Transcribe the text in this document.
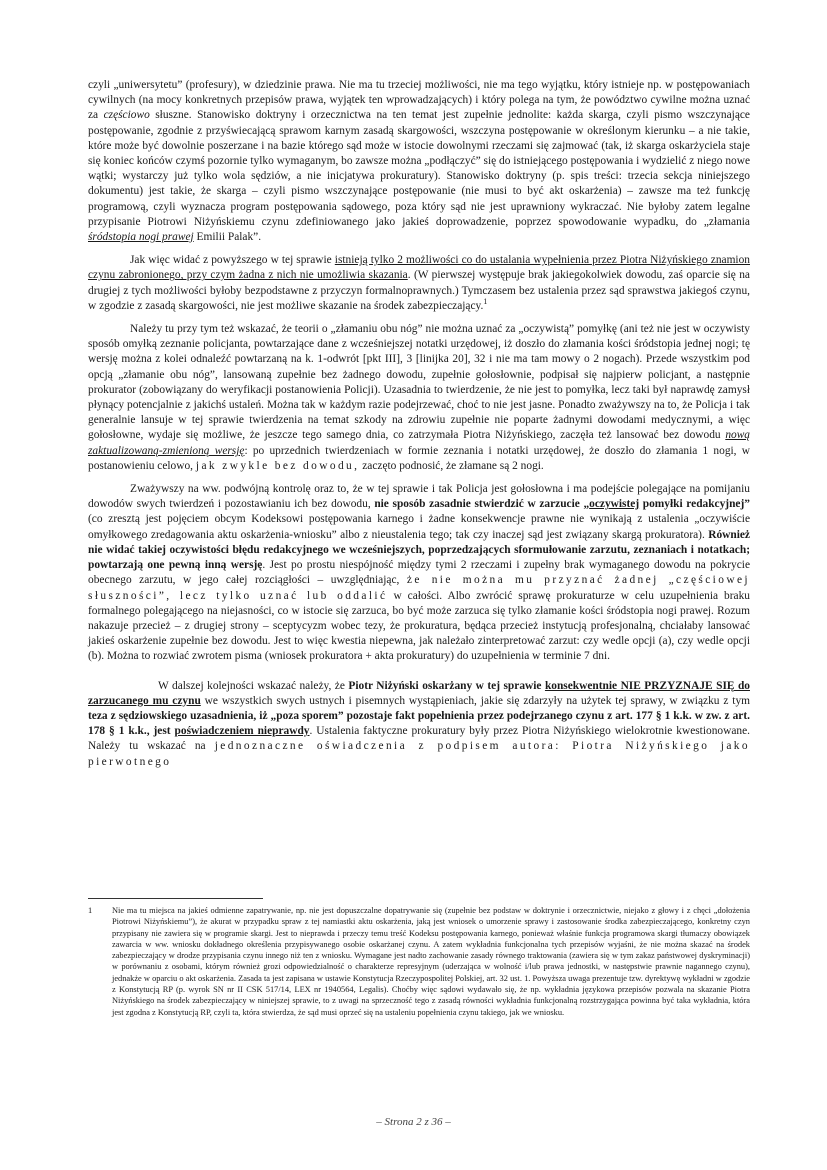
czyli „uniwersytetu” (profesury), w dziedzinie prawa. Nie ma tu trzeciej możliwości, nie ma tego wyjątku, który istnieje np. w postępowaniach cywilnych (na mocy konkretnych przepisów prawa, wyjątek ten wprowadzających) i który polega na tym, że powództwo cywilne można uznać za częściowo słuszne. Stanowisko doktryny i orzecznictwa na ten temat jest zupełnie jednolite: każda skarga, czyli pismo wszczynające postępowanie, zgodnie z przyświecającą sprawom karnym zasadą skargowości, wszczyna postępowanie w określonym kierunku – a nie takie, które może być dowolnie poszerzane i na bazie którego sąd może w istocie dowolnymi rzeczami się zajmować (tak, iż skarga oskarżyciela staje się koniec końców czymś pozornie tylko wymaganym, bo zawsze można „podłączyć” się do istniejącego postępowania i wydzielić z niego nowe wątki; wystarczy już tylko wola sędziów, a nie inicjatywa prokuratury). Stanowisko doktryny (p. spis treści: trzecia sekcja niniejszego dokumentu) jest takie, że skarga – czyli pismo wszczynające postępowanie (nie musi to być akt oskarżenia) – zawsze ma też funkcję programową, czyli wyznacza program postępowania sądowego, poza który sąd nie jest uprawniony wykraczać. Nie byłoby zatem legalne przypisanie Piotrowi Niżyńskiemu czynu zdefiniowanego jako jakieś doprowadzenie, poprzez spowodowanie wypadku, do „złamania śródstopia nogi prawej Emilii Palak”.

Jak więc widać z powyższego w tej sprawie istnieją tylko 2 możliwości co do ustalania wypełnienia przez Piotra Niżyńskiego znamion czynu zabronionego, przy czym żadna z nich nie umożliwia skazania. (W pierwszej występuje brak jakiegokolwiek dowodu, zaś oparcie się na drugiej z tych możliwości byłoby bezpodstawne z przyczyn formalnoprawnych.) Tymczasem bez ustalenia przez sąd sprawstwa jakiegoś czynu, w zgodzie z zasadą skargowości, nie jest możliwe skazanie na środek zabezpieczający.$^1$

Należy tu przy tym też wskazać, że teorii o „złamaniu obu nóg” nie można uznać za „oczywistą” pomyłkę (ani też nie jest w oczywisty sposób omyłką zeznanie policjanta, powtarzające dane z wcześniejszej notatki urzędowej, iż doszło do złamania kości śródstopia jednej nogi; tę wersję można z kolei odnaleźć powtarzaną na k. 1-odwrót [pkt III], 3 [linijka 20], 32 i nie ma tam mowy o 2 nogach). Przede wszystkim pod opcją „złamanie obu nóg”, lansowaną zupełnie bez żadnego dowodu, zupełnie gołosłownie, podpisał się najpierw policjant, a następnie prokurator (zobowiązany do weryfikacji postanowienia Policji). Uzasadnia to twierdzenie, że nie jest to pomyłka, lecz taki był naprawdę zamysł płynący potencjalnie z jakichś ustaleń. Można tak w każdym razie podejrzewać, choć to nie jest jasne. Ponadto zważywszy na to, że Policja i tak generalnie lansuje w tej sprawie twierdzenia na temat szkody na zdrowiu zupełnie nie poparte żadnymi dowodami medycznymi, a więc gołosłowne, wydaje się możliwe, że jeszcze tego samego dnia, co zatrzymała Piotra Niżyńskiego, zaczęła też lansować bez dowodu nową zaktualizowaną-zmienioną wersję: po uprzednich twierdzeniach w formie zeznania i notatki urzędowej, że doszło do złamania 1 nogi, w postanowieniu celowo, jak zwykle bez dowodu, zaczęto podnosić, że złamane są 2 nogi.

Zważywszy na ww. podwójną kontrolę oraz to, że w tej sprawie i tak Policja jest gołosłowna i ma podejście polegające na pomijaniu dowodów swych twierdzeń i pozostawianiu ich bez dowodu, nie sposób zasadnie stwierdzić w zarzucie „oczywistej pomyłki redakcyjnej” (co zresztą jest pojęciem obcym Kodeksowi postępowania karnego i żadne konsekwencje prawne nie wynikają z ustalenia „oczywiście omyłkowego zredagowania aktu oskarżenia-wniosku” albo z nieustalenia tego; tak czy inaczej sąd jest związany skargą prokuratora). Również nie widać takiej oczywistości błędu redakcyjnego we wcześniejszych, poprzedzających sformułowanie zarzutu, zeznaniach i notatkach; powtarzają one pewną inną wersję. Jest po prostu niespójność między tymi 2 rzeczami i zupełny brak wymaganego dowodu na pokrycie obecnego zarzutu, w jego całej rozciągłości – uwzględniając, że nie można mu przyznać żadnej „częściowej słuszności”, lecz tylko uznać lub oddalić w całości. Albo zwrócić sprawę prokuraturze w celu uzupełnienia braku formalnego polegającego na niejasności, co w istocie się zarzuca, bo być może zarzuca się tylko złamanie kości śródstopia nogi prawej. Rozum nakazuje przecież – z drugiej strony – sceptycyzm wobec tezy, że prokuratura, będąca przecież instytucją profesjonalną, chciałaby lansować jakieś oskarżenie zupełnie bez dowodu. Jest to więc kwestia niepewna, jak należało zinterpretować zarzut: czy wedle opcji (a), czy wedle opcji (b). Można to rozwiać zwrotem pisma (wniosek prokuratora + akta prokuratury) do uzupełnienia w terminie 7 dni.

W dalszej kolejności wskazać należy, że Piotr Niżyński oskarżany w tej sprawie konsekwentnie NIE PRZYZNAJE SIĘ do zarzucanego mu czynu we wszystkich swych ustnych i pisemnych wystąpieniach, jakie się zdarzyły na użytek tej sprawy, w związku z tym teza z sędziowskiego uzasadnienia, iż „poza sporem” pozostaje fakt popełnienia przez podejrzanego czynu z art. 177 § 1 k.k. w zw. z art. 178 § 1 k.k., jest poświadczeniem nieprawdy. Ustalenia faktyczne prokuratury były przez Piotra Niżyńskiego wielokrotnie kwestionowane. Należy tu wskazać na jednoznaczne oświadczenia z podpisem autora: Piotra Niżyńskiego jako pierwotnego

1	Nie ma tu miejsca na jakieś odmienne zapatrywanie, np. nie jest dopuszczalne dopatrywanie się (zupełnie bez podstaw w doktrynie i orzecznictwie, niejako z głowy i z chęci „dołożenia Piotrowi Niżyńskiemu”), że akurat w przypadku spraw z tej namiastki aktu oskarżenia, jaką jest wniosek o umorzenie sprawy i zastosowanie środka zabezpieczającego, konkretny czyn przypisany nie zawiera się w programie skargi. Jest to nieprawda i przeczy temu treść Kodeksu postępowania karnego, ponieważ właśnie funkcja programowa skargi tłumaczy obowiązek zawarcia w ww. wniosku dokładnego określenia przypisywanego osobie oskarżanej czynu. A zatem wykładnia funkcjonalna tych przepisów wyjaśni, że nie można skazać na środek zabezpieczający w drodze przypisania czynu innego niż ten z wniosku. Wymagane jest nadto zachowanie zasady równego traktowania (zawiera się w tym zakaz państwowej dyskryminacji) w porównaniu z osobami, którym również grozi odpowiedzialność o charakterze represyjnym (uderzająca w wolność i/lub prawa jednostki, w następstwie prawnie nagannego czynu), jednakże w oparciu o akt oskarżenia. Zasada ta jest zapisana w ustawie Konstytucja Rzeczypospolitej Polskiej, art. 32 ust. 1. Powyższa uwaga prezentuje tzw. dyrektywę wykładni w zgodzie z Konstytucją RP (p. wyrok SN nr II CSK 517/14, LEX nr 1940564, Legalis). Choćby więc sądowi wydawało się, że np. wykładnia językowa przepisów pozwala na skazanie Piotra Niżyńskiego na środek zabezpieczający w niniejszej sprawie, to z uwagi na sprzeczność tego z zasadą równości wykładnia funkcjonalną rozstrzygająca powinna być taka wykładnia, która jest zgodna z Konstytucją RP, czyli ta, która stwierdza, że sąd musi oprzeć się na ustaleniu popełnienia czynu takiego, jak we wniosku.
– Strona 2 z 36 –
